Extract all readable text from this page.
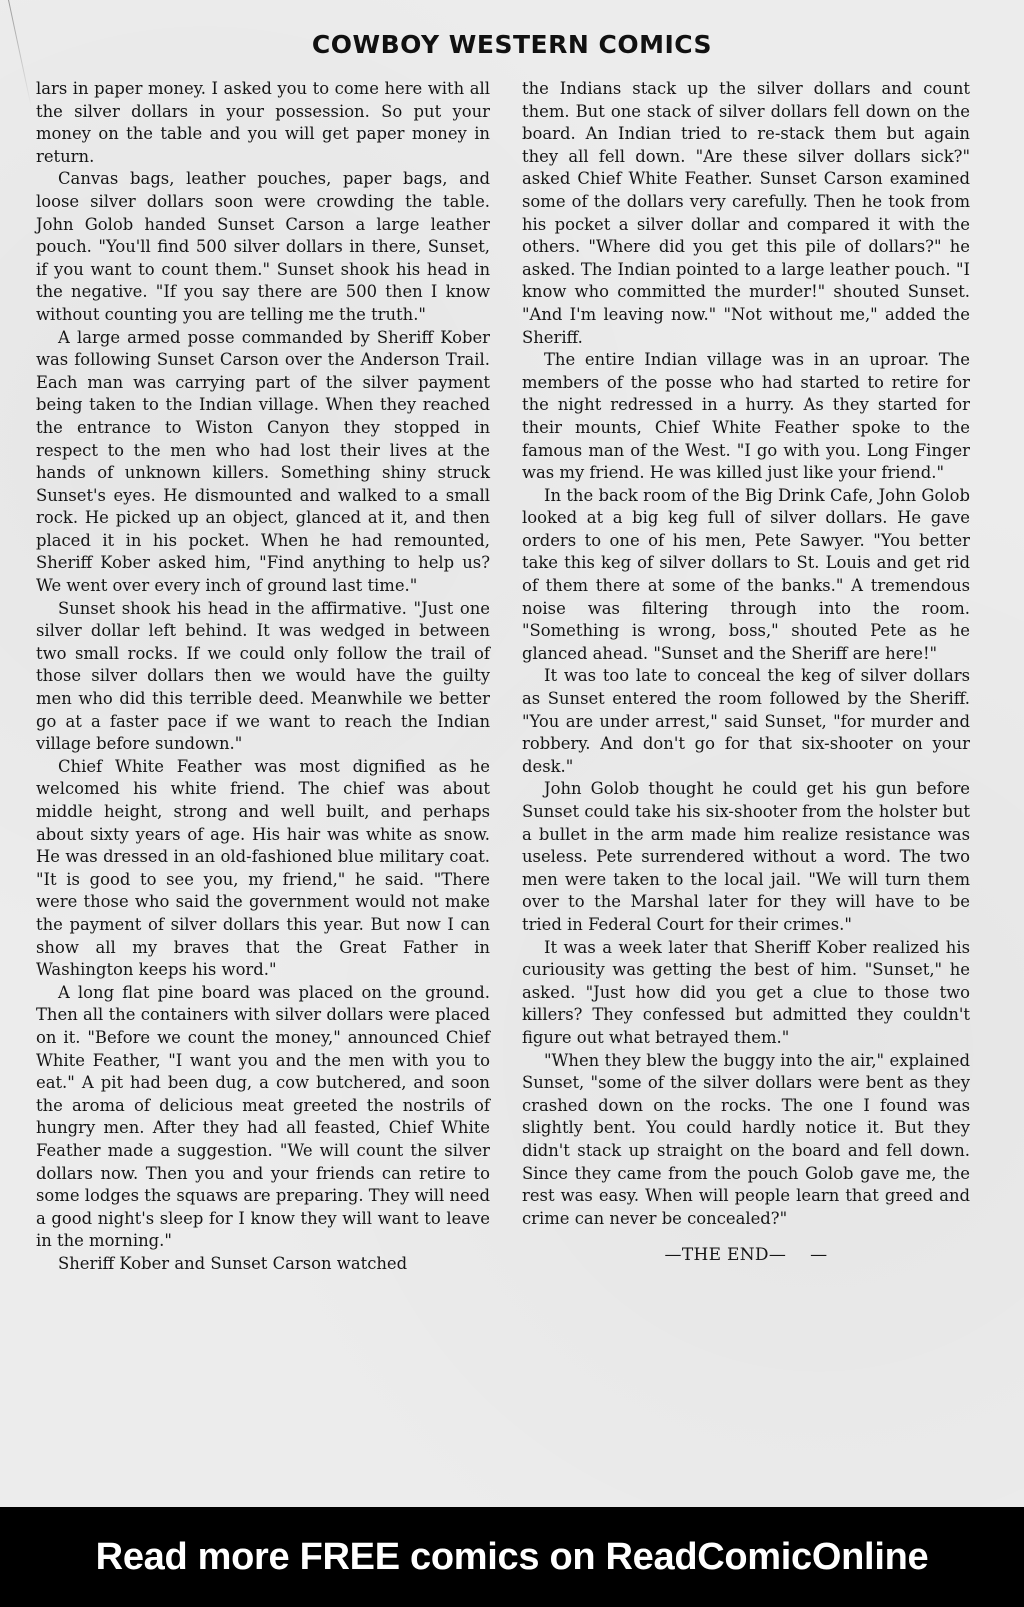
COWBOY WESTERN COMICS

lars in paper money. I asked you to come here with all the silver dollars in your possession. So put your money on the table and you will get paper money in return.

Canvas bags, leather pouches, paper bags, and loose silver dollars soon were crowding the table. John Golob handed Sunset Carson a large leather pouch. "You'll find 500 silver dollars in there, Sunset, if you want to count them." Sunset shook his head in the negative. "If you say there are 500 then I know without counting you are telling me the truth."

A large armed posse commanded by Sheriff Kober was following Sunset Carson over the Anderson Trail. Each man was carrying part of the silver payment being taken to the Indian village. When they reached the entrance to Wiston Canyon they stopped in respect to the men who had lost their lives at the hands of unknown killers. Something shiny struck Sunset's eyes. He dismounted and walked to a small rock. He picked up an object, glanced at it, and then placed it in his pocket. When he had remounted, Sheriff Kober asked him, "Find anything to help us? We went over every inch of ground last time."

Sunset shook his head in the affirmative. "Just one silver dollar left behind. It was wedged in between two small rocks. If we could only follow the trail of those silver dollars then we would have the guilty men who did this terrible deed. Meanwhile we better go at a faster pace if we want to reach the Indian village before sundown."

Chief White Feather was most dignified as he welcomed his white friend. The chief was about middle height, strong and well built, and perhaps about sixty years of age. His hair was white as snow. He was dressed in an old-fashioned blue military coat. "It is good to see you, my friend," he said. "There were those who said the government would not make the payment of silver dollars this year. But now I can show all my braves that the Great Father in Washington keeps his word."

A long flat pine board was placed on the ground. Then all the containers with silver dollars were placed on it. "Before we count the money," announced Chief White Feather, "I want you and the men with you to eat." A pit had been dug, a cow butchered, and soon the aroma of delicious meat greeted the nostrils of hungry men. After they had all feasted, Chief White Feather made a suggestion. "We will count the silver dollars now. Then you and your friends can retire to some lodges the squaws are preparing. They will need a good night's sleep for I know they will want to leave in the morning."

Sheriff Kober and Sunset Carson watched

the Indians stack up the silver dollars and count them. But one stack of silver dollars fell down on the board. An Indian tried to re-stack them but again they all fell down. "Are these silver dollars sick?" asked Chief White Feather. Sunset Carson examined some of the dollars very carefully. Then he took from his pocket a silver dollar and compared it with the others. "Where did you get this pile of dollars?" he asked. The Indian pointed to a large leather pouch. "I know who committed the murder!" shouted Sunset. "And I'm leaving now." "Not without me," added the Sheriff.

The entire Indian village was in an uproar. The members of the posse who had started to retire for the night redressed in a hurry. As they started for their mounts, Chief White Feather spoke to the famous man of the West. "I go with you. Long Finger was my friend. He was killed just like your friend."

In the back room of the Big Drink Cafe, John Golob looked at a big keg full of silver dollars. He gave orders to one of his men, Pete Sawyer. "You better take this keg of silver dollars to St. Louis and get rid of them there at some of the banks." A tremendous noise was filtering through into the room. "Something is wrong, boss," shouted Pete as he glanced ahead. "Sunset and the Sheriff are here!"

It was too late to conceal the keg of silver dollars as Sunset entered the room followed by the Sheriff. "You are under arrest," said Sunset, "for murder and robbery. And don't go for that six-shooter on your desk."

John Golob thought he could get his gun before Sunset could take his six-shooter from the holster but a bullet in the arm made him realize resistance was useless. Pete surrendered without a word. The two men were taken to the local jail. "We will turn them over to the Marshal later for they will have to be tried in Federal Court for their crimes."

It was a week later that Sheriff Kober realized his curiousity was getting the best of him. "Sunset," he asked. "Just how did you get a clue to those two killers? They confessed but admitted they couldn't figure out what betrayed them."

"When they blew the buggy into the air," explained Sunset, "some of the silver dollars were bent as they crashed down on the rocks. The one I found was slightly bent. You could hardly notice it. But they didn't stack up straight on the board and fell down. Since they came from the pouch Golob gave me, the rest was easy. When will people learn that greed and crime can never be concealed?"

—THE END— —
Read more FREE comics on ReadComicOnline
